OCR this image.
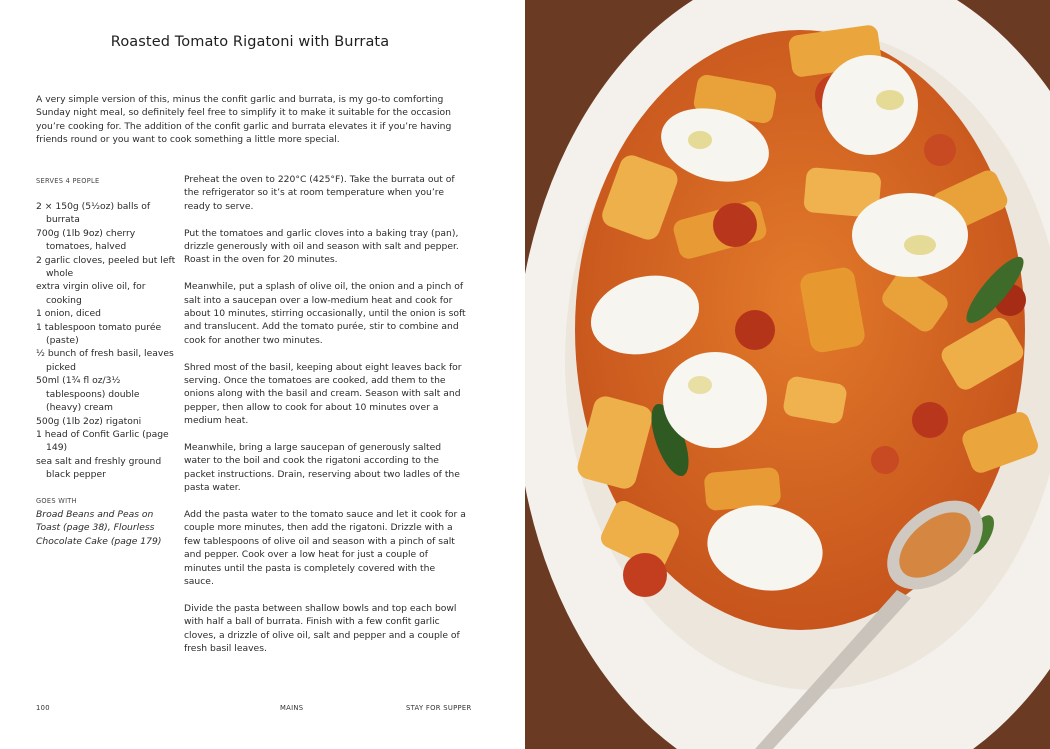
Roasted Tomato Rigatoni with Burrata

A very simple version of this, minus the confit garlic and burrata, is my go-to comforting Sunday night meal, so definitely feel free to simplify it to make it suitable for the occasion you’re cooking for. The addition of the confit garlic and burrata elevates it if you’re having friends round or you want to cook something a little more special.

SERVES 4 PEOPLE
2 × 150g (5½oz) balls of burrata
700g (1lb 9oz) cherry tomatoes, halved
2 garlic cloves, peeled but left whole
extra virgin olive oil, for cooking
1 onion, diced
1 tablespoon tomato purée (paste)
½ bunch of fresh basil, leaves picked
50ml (1¾ fl oz/3½ tablespoons) double (heavy) cream
500g (1lb 2oz) rigatoni
1 head of Confit Garlic (page 149)
sea salt and freshly ground black pepper
GOES WITH

Broad Beans and Peas on Toast (page 38), Flourless Chocolate Cake (page 179)

Preheat the oven to 220°C (425°F). Take the burrata out of the refrigerator so it’s at room temperature when you’re ready to serve.

Put the tomatoes and garlic cloves into a baking tray (pan), drizzle generously with oil and season with salt and pepper. Roast in the oven for 20 minutes.

Meanwhile, put a splash of olive oil, the onion and a pinch of salt into a saucepan over a low-medium heat and cook for about 10 minutes, stirring occasionally, until the onion is soft and translucent. Add the tomato purée, stir to combine and cook for another two minutes.

Shred most of the basil, keeping about eight leaves back for serving. Once the tomatoes are cooked, add them to the onions along with the basil and cream. Season with salt and pepper, then allow to cook for about 10 minutes over a medium heat.

Meanwhile, bring a large saucepan of generously salted water to the boil and cook the rigatoni according to the packet instructions. Drain, reserving about two ladles of the pasta water.

Add the pasta water to the tomato sauce and let it cook for a couple more minutes, then add the rigatoni. Drizzle with a few tablespoons of olive oil and season with a pinch of salt and pepper. Cook over a low heat for just a couple of minutes until the pasta is completely covered with the sauce.

Divide the pasta between shallow bowls and top each bowl with half a ball of burrata. Finish with a few confit garlic cloves, a drizzle of olive oil, salt and pepper and a couple of fresh basil leaves.

100	MAINS	STAY FOR SUPPER
